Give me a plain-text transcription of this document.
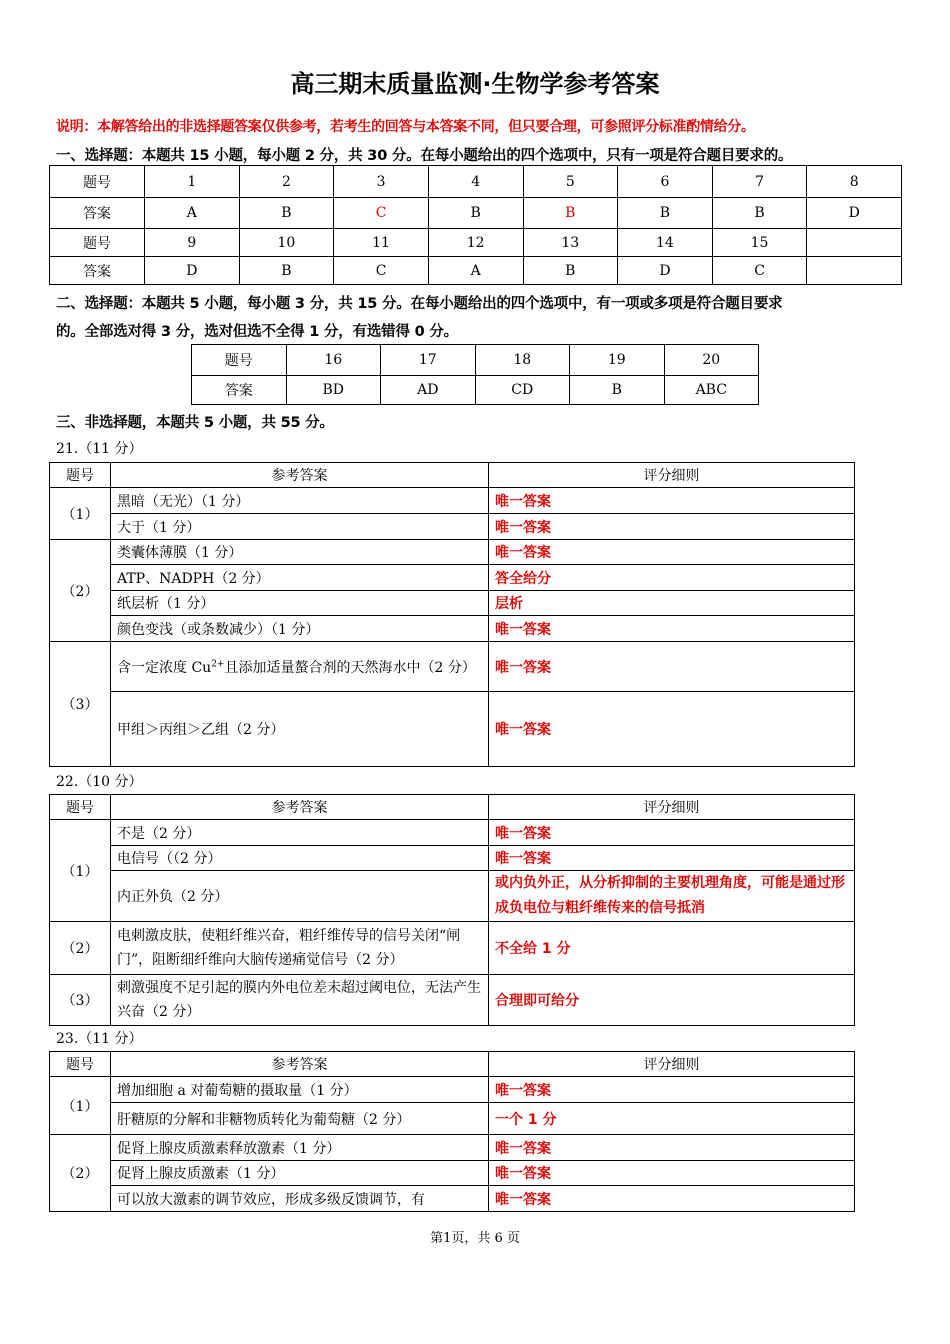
高三期末质量监测·生物学参考答案
说明：本解答给出的非选择题答案仅供参考，若考生的回答与本答案不同，但只要合理，可参照评分标准酌情给分。
一、选择题：本题共 15 小题，每小题 2 分，共 30 分。在每小题给出的四个选项中，只有一项是符合题目要求的。
题号	1	2	3	4	5	6	7	8
答案	A	B	C	B	B	B	B	D
题号	9	10	11	12	13	14	15	
答案	D	B	C	A	B	D	C	
二、选择题：本题共 5 小题，每小题 3 分，共 15 分。在每小题给出的四个选项中，有一项或多项是符合题目要求
的。全部选对得 3 分，选对但选不全得 1 分，有选错得 0 分。
题号	16	17	18	19	20
答案	BD	AD	CD	B	ABC
三、非选择题，本题共 5 小题，共 55 分。
21.（11 分）
题号	参考答案	评分细则
（1）	黑暗（无光）（1 分）	唯一答案
	大于（1 分）	唯一答案
（2）	类囊体薄膜（1 分）	唯一答案
	ATP、NADPH（2 分）	答全给分
	纸层析（1 分）	层析
	颜色变浅（或条数减少）（1 分）	唯一答案
（3）	含一定浓度 $Cu^{2+}$且添加适量螯合剂的天然海水中（2 分）	唯一答案
	甲组＞丙组＞乙组（2 分）	唯一答案
22.（10 分）
题号	参考答案	评分细则
（1）	不是（2 分）	唯一答案
	电信号（（2 分）	唯一答案
	内正外负（2 分）	或内负外正，从分析抑制的主要机理角度，可能是通过形成负电位与粗纤维传来的信号抵消
（2）	电刺激皮肤，使粗纤维兴奋，粗纤维传导的信号关闭“闸门”，阻断细纤维向大脑传递痛觉信号（2 分）	不全给 1 分
（3）	刺激强度不足引起的膜内外电位差未超过阈电位，无法产生兴奋（2 分）	合理即可给分
23.（11 分）
题号	参考答案	评分细则
（1）	增加细胞 a 对葡萄糖的摄取量（1 分）	唯一答案
	肝糖原的分解和非糖物质转化为葡萄糖（2 分）	一个 1 分
（2）	促肾上腺皮质激素释放激素（1 分）	唯一答案
	促肾上腺皮质激素（1 分）	唯一答案
	可以放大激素的调节效应，形成多级反馈调节，有	唯一答案
第1页，共 6 页
